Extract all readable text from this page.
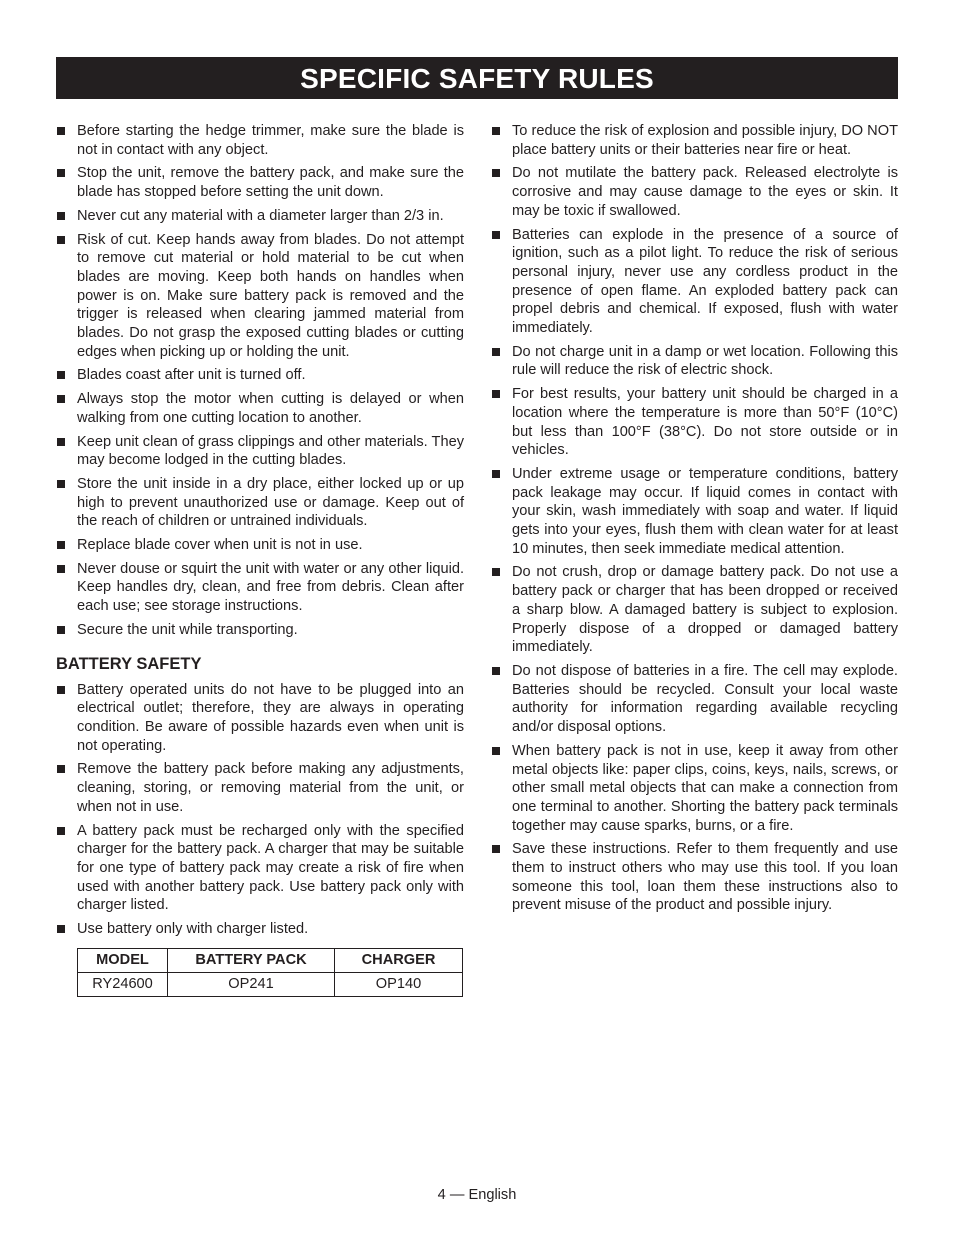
SPECIFIC SAFETY RULES
Before starting the hedge trimmer, make sure the blade is not in contact with any object.
Stop the unit, remove the battery pack, and make sure the blade has stopped before setting the unit down.
Never cut any material with a diameter larger than 2/3 in.
Risk of cut. Keep hands away from blades. Do not attempt to remove cut material or hold material to be cut when blades are moving. Keep both hands on handles when power is on. Make sure battery pack is removed and the trigger is released when clearing jammed material from blades. Do not grasp the exposed cutting blades or cutting edges when picking up or holding the unit.
Blades coast after unit is turned off.
Always stop the motor when cutting is delayed or when walking from one cutting location to another.
Keep unit clean of grass clippings and other materials. They may become lodged in the cutting blades.
Store the unit inside in a dry place, either locked up or up high to prevent unauthorized use or damage. Keep out of the reach of children or untrained individuals.
Replace blade cover when unit is not in use.
Never douse or squirt the unit with water or any other liquid. Keep handles dry, clean, and free from debris. Clean after each use; see storage instructions.
Secure the unit while transporting.
BATTERY SAFETY
Battery operated units do not have to be plugged into an electrical outlet; therefore, they are always in operating condition. Be aware of possible hazards even when unit is not operating.
Remove the battery pack before making any adjustments, cleaning, storing, or removing material from the unit, or when not in use.
A battery pack must be recharged only with the specified charger for the battery pack. A charger that may be suitable for one type of battery pack may create a risk of fire when used with another battery pack. Use battery pack only with charger listed.
Use battery only with charger listed.
MODEL	BATTERY PACK	CHARGER
RY24600	OP241	OP140
To reduce the risk of explosion and possible injury, DO NOT place battery units or their batteries near fire or heat.
Do not mutilate the battery pack. Released electrolyte is corrosive and may cause damage to the eyes or skin. It may be toxic if swallowed.
Batteries can explode in the presence of a source of ignition, such as a pilot light. To reduce the risk of serious personal injury, never use any cordless product in the presence of open flame. An exploded battery pack can propel debris and chemical. If exposed, flush with water immediately.
Do not charge unit in a damp or wet location. Following this rule will reduce the risk of electric shock.
For best results, your battery unit should be charged in a location where the temperature is more than 50°F (10°C) but less than 100°F (38°C). Do not store outside or in vehicles.
Under extreme usage or temperature conditions, battery pack leakage may occur. If liquid comes in contact with your skin, wash immediately with soap and water. If liquid gets into your eyes, flush them with clean water for at least 10 minutes, then seek immediate medical attention.
Do not crush, drop or damage battery pack. Do not use a battery pack or charger that has been dropped or received a sharp blow. A damaged battery is subject to explosion. Properly dispose of a dropped or damaged battery immediately.
Do not dispose of batteries in a fire. The cell may explode. Batteries should be recycled. Consult your local waste authority for information regarding available recycling and/or disposal options.
When battery pack is not in use, keep it away from other metal objects like: paper clips, coins, keys, nails, screws, or other small metal objects that can make a connection from one terminal to another. Shorting the battery pack terminals together may cause sparks, burns, or a fire.
Save these instructions. Refer to them frequently and use them to instruct others who may use this tool. If you loan someone this tool, loan them these instructions also to prevent misuse of the product and possible injury.
4 — English
